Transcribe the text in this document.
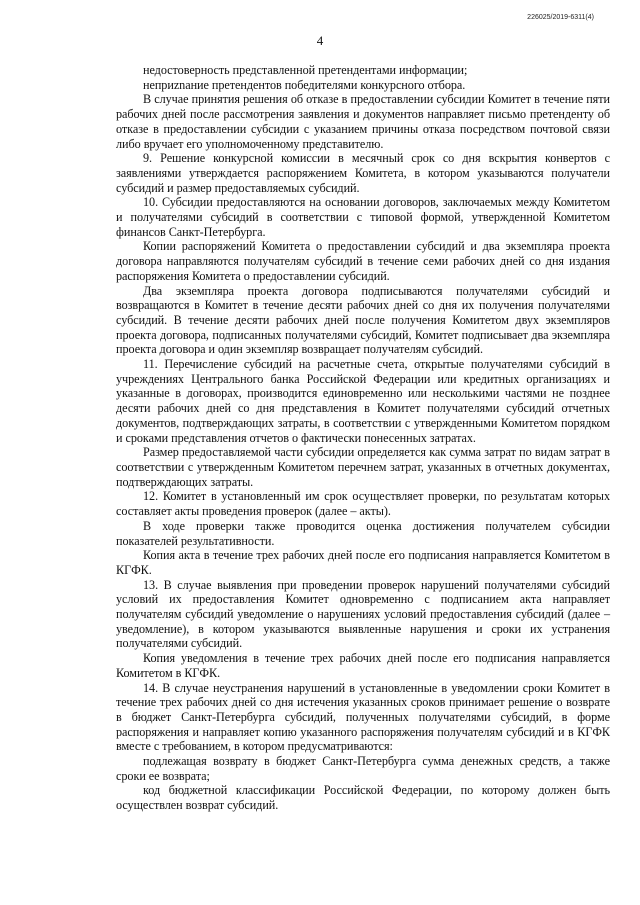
226025/2019-6311(4)
4

недостоверность представленной претендентами информации;

неприznание претендентов победителями конкурсного отбора.

В случае принятия решения об отказе в предоставлении субсидии Комитет в течение пяти рабочих дней после рассмотрения заявления и документов направляет письмо претенденту об отказе в предоставлении субсидии с указанием причины отказа посредством почтовой связи либо вручает его уполномоченному представителю.

9. Решение конкурсной комиссии в месячный срок со дня вскрытия конвертов с заявлениями утверждается распоряжением Комитета, в котором указываются получатели субсидий и размер предоставляемых субсидий.

10. Субсидии предоставляются на основании договоров, заключаемых между Комитетом и получателями субсидий в соответствии с типовой формой, утвержденной Комитетом финансов Санкт-Петербурга.

Копии распоряжений Комитета о предоставлении субсидий и два экземпляра проекта договора направляются получателям субсидий в течение семи рабочих дней со дня издания распоряжения Комитета о предоставлении субсидий.

Два экземпляра проекта договора подписываются получателями субсидий и возвращаются в Комитет в течение десяти рабочих дней со дня их получения получателями субсидий. В течение десяти рабочих дней после получения Комитетом двух экземпляров проекта договора, подписанных получателями субсидий, Комитет подписывает два экземпляра проекта договора и один экземпляр возвращает получателям субсидий.

11. Перечисление субсидий на расчетные счета, открытые получателями субсидий в учреждениях Центрального банка Российской Федерации или кредитных организациях и указанные в договорах, производится единовременно или несколькими частями не позднее десяти рабочих дней со дня представления в Комитет получателями субсидий отчетных документов, подтверждающих затраты, в соответствии с утвержденными Комитетом порядком и сроками представления отчетов о фактически понесенных затратах.

Размер предоставляемой части субсидии определяется как сумма затрат по видам затрат в соответствии с утвержденным Комитетом перечнем затрат, указанных в отчетных документах, подтверждающих затраты.

12. Комитет в установленный им срок осуществляет проверки, по результатам которых составляет акты проведения проверок (далее – акты).

В ходе проверки также проводится оценка достижения получателем субсидии показателей результативности.

Копия акта в течение трех рабочих дней после его подписания направляется Комитетом в КГФК.

13. В случае выявления при проведении проверок нарушений получателями субсидий условий их предоставления Комитет одновременно с подписанием акта направляет получателям субсидий уведомление о нарушениях условий предоставления субсидий (далее – уведомление), в котором указываются выявленные нарушения и сроки их устранения получателями субсидий.

Копия уведомления в течение трех рабочих дней после его подписания направляется Комитетом в КГФК.

14. В случае неустранения нарушений в установленные в уведомлении сроки Комитет в течение трех рабочих дней со дня истечения указанных сроков принимает решение о возврате в бюджет Санкт-Петербурга субсидий, полученных получателями субсидий, в форме распоряжения и направляет копию указанного распоряжения получателям субсидий и в КГФК вместе с требованием, в котором предусматриваются:

подлежащая возврату в бюджет Санкт-Петербурга сумма денежных средств, а также сроки ее возврата;

код бюджетной классификации Российской Федерации, по которому должен быть осуществлен возврат субсидий.
